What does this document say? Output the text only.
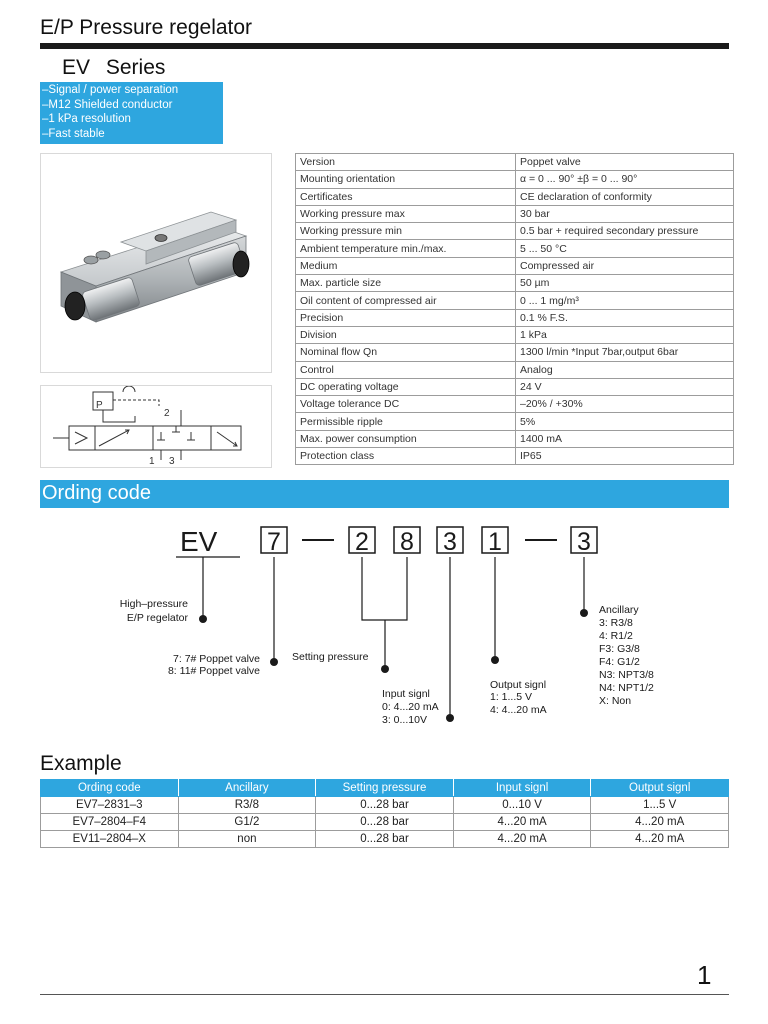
E/P Pressure regelator
EV Series
–Signal / power separation
–M12 Shielded conductor
–1 kPa resolution
–Fast stable
P
2
1 3
Version	Poppet valve
Mounting orientation	α = 0 ... 90° ±β = 0 ... 90°
Certificates	CE declaration of conformity
Working pressure max	30 bar
Working pressure min	0.5 bar + required secondary pressure
Ambient temperature min./max.	5 ... 50 °C
Medium	Compressed air
Max. particle size	50 µm
Oil content of compressed air	0 ... 1 mg/m³
Precision	0.1 % F.S.
Division	1 kPa
Nominal flow Qn	1300 l/min *Input 7bar,output 6bar
Control	Analog
DC operating voltage	24 V
Voltage tolerance DC	–20% / +30%
Permissible ripple	5%
Max. power consumption	1400 mA
Protection class	IP65
Ording code
EV 7	2 8 3 1	3
High–pressure
E/P regelator
7: 7# Poppet valve
8: 11# Poppet valve
Setting pressure
Input signl
0: 4...20 mA
3: 0...10V
Output signl
1: 1...5 V
4: 4...20 mA
Ancillary
3: R3/8
4: R1/2
F3: G3/8
F4: G1/2
N3: NPT3/8
N4: NPT1/2
X: Non
Example
Ording code	Ancillary	Setting pressure	Input signl	Output signl
EV7–2831–3	R3/8	0...28 bar	0...10 V	1...5 V
EV7–2804–F4	G1/2	0...28 bar	4...20 mA	4...20 mA
EV11–2804–X	non	0...28 bar	4...20 mA	4...20 mA
1
